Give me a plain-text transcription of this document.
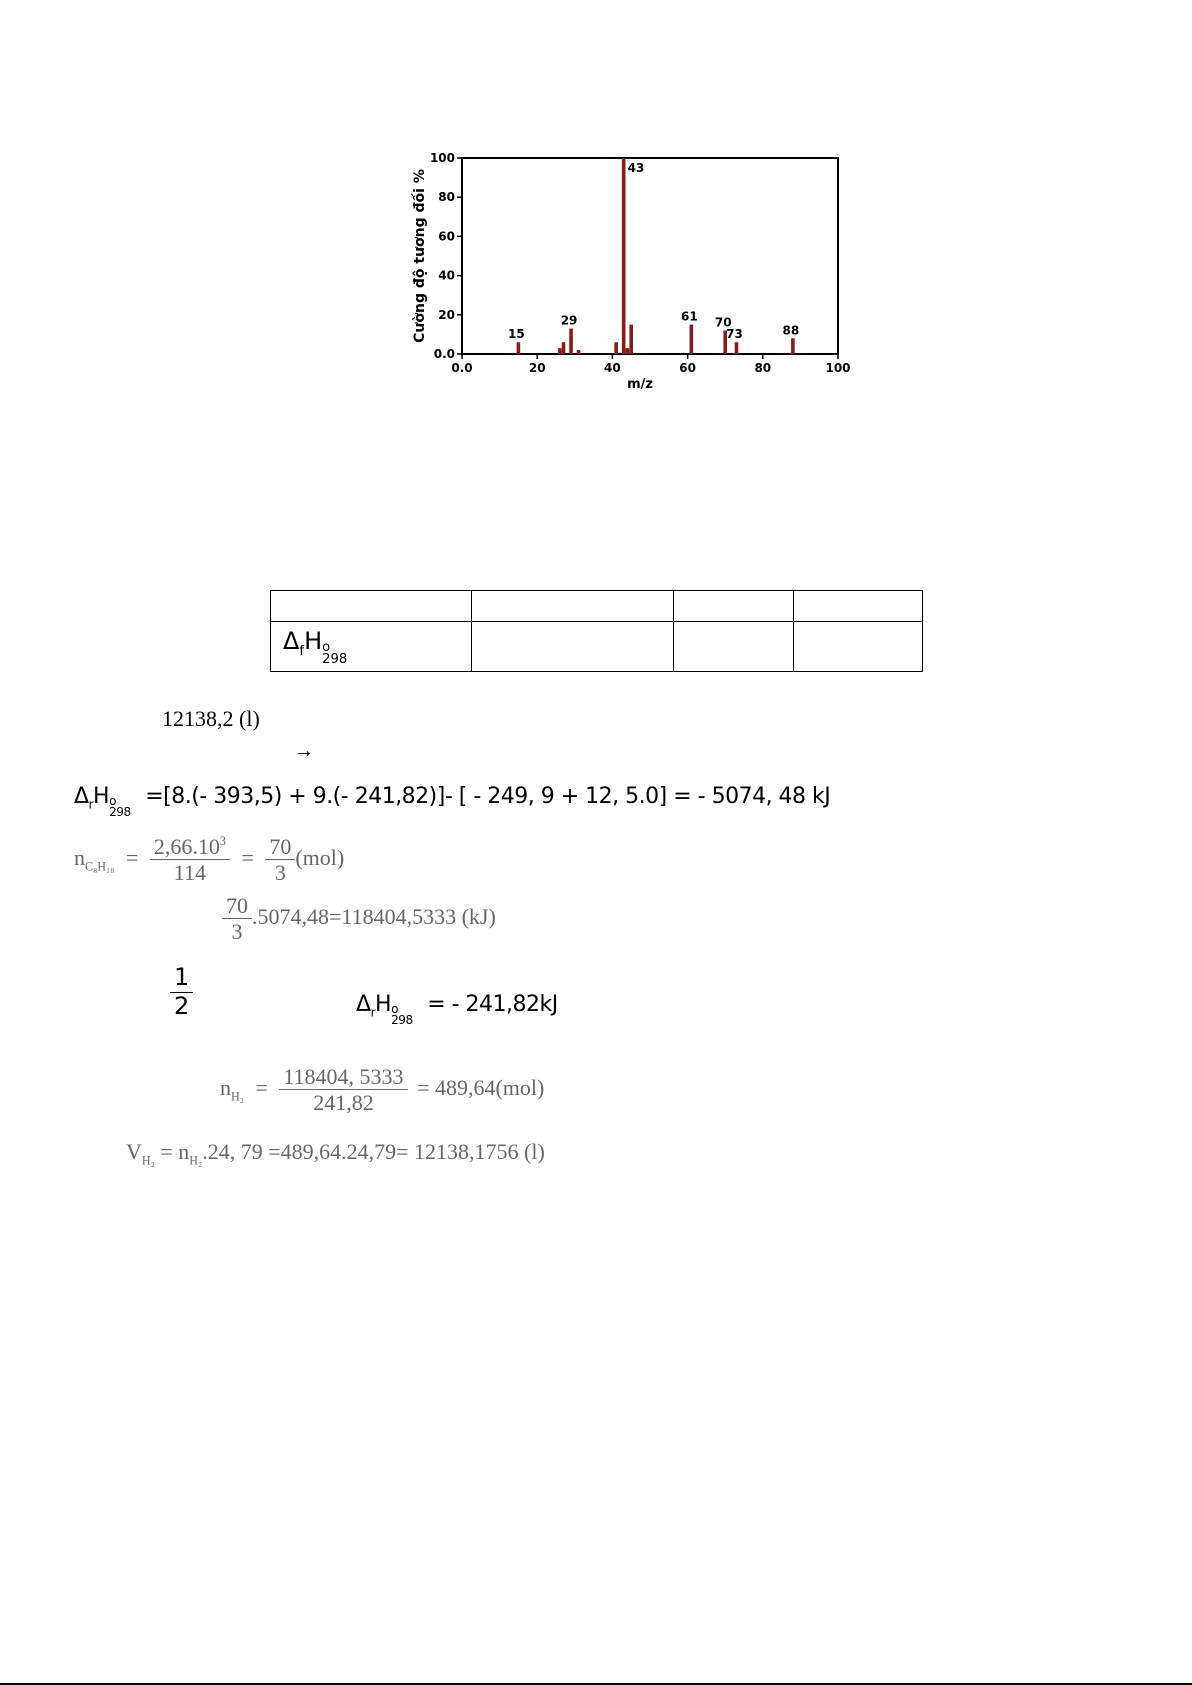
0.0
20
40
60
80
100
0.0	20	40	60	80	100
m/z
Cường độ tương đối %	15
29
43
61 70
73	88

$\Delta_fH$ o
298			

12138,2 (l)
→
$\Delta_rH$ o
298
=[8.(- 393,5) + 9.(- 241,82)]- [ - 249, 9 + 12, 5.0] = - 5074, 48 kJ
$n_{C_8H_{18}} = \frac{2,66.10^3}{114} = \frac{70}{3} (mol)$
$\frac{70}{3} .5074,48=118404,5333$ (kJ)
$\frac{1}{2}$	$\Delta_rH$ o
298
= - 241,82kJ
$n_{H_2} = \frac{118404, 5333}{241,82} = 489,64(mol)$
$V_{H_2} = n_{H_2}.24$, 79 =489,64.24,79= 12138,1756 (l)
